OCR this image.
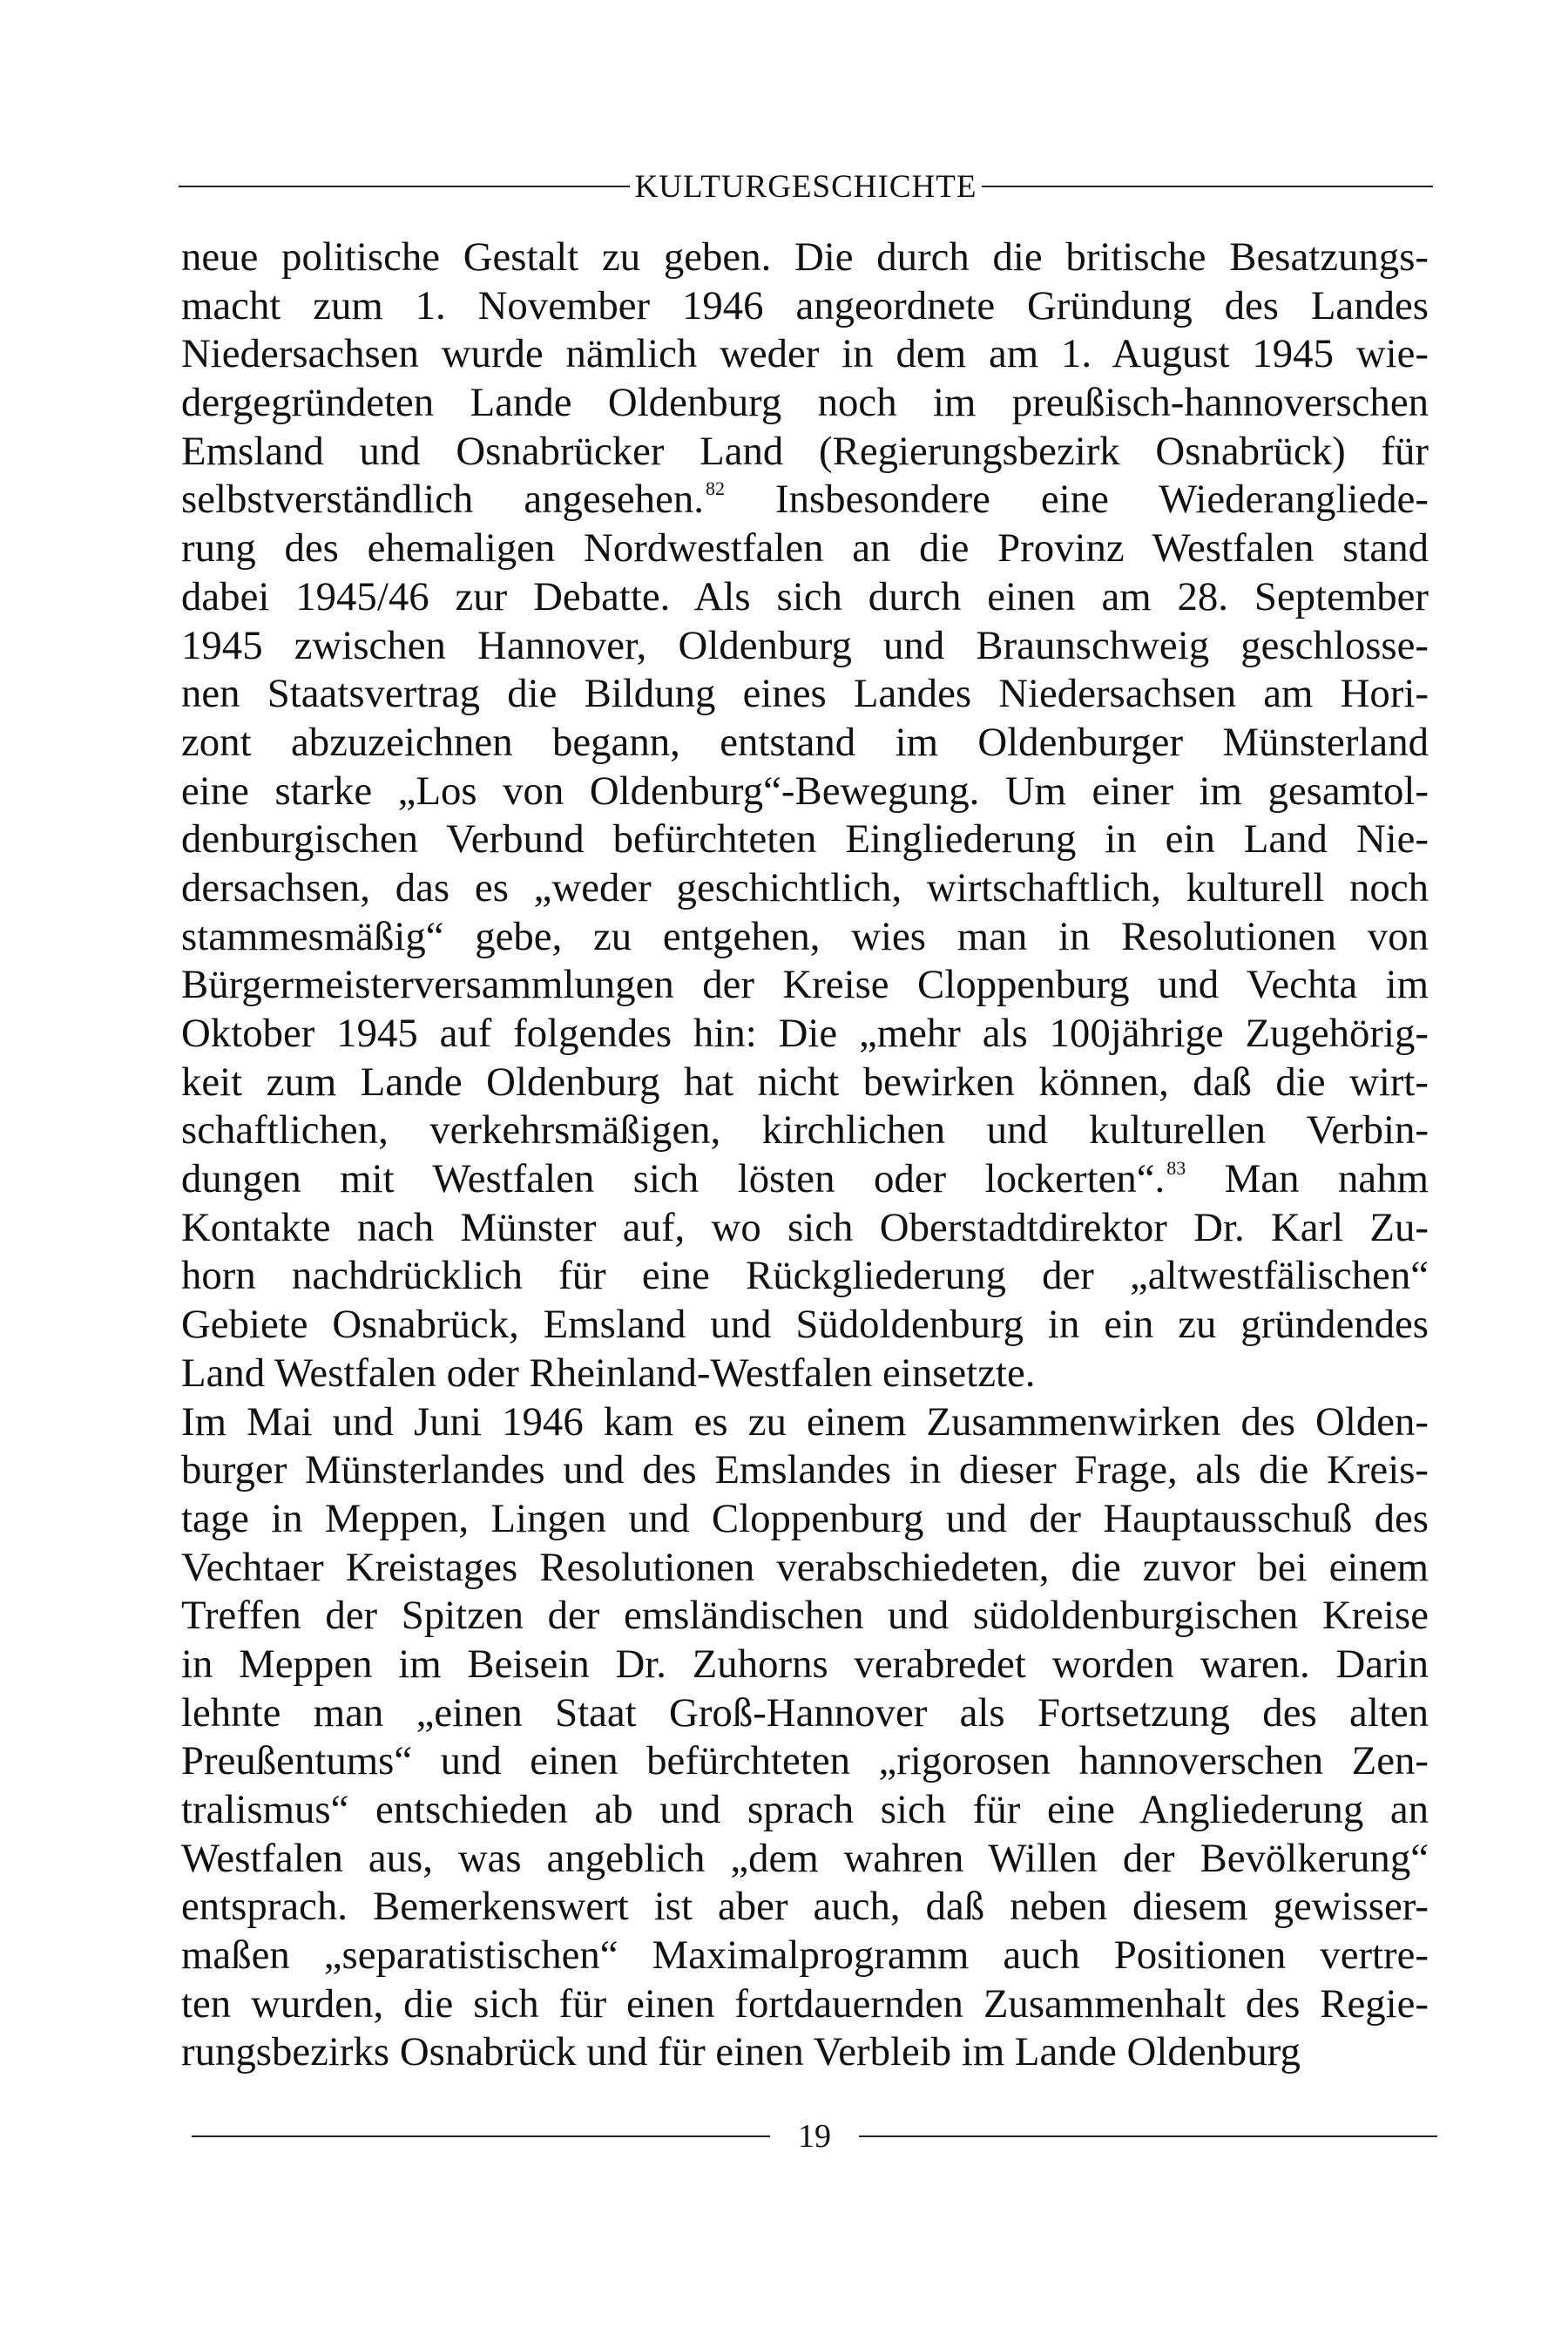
KULTURGESCHICHTE
neue politische Gestalt zu geben. Die durch die britische Besatzungs-
macht zum 1. November 1946 angeordnete Gründung des Landes
Niedersachsen wurde nämlich weder in dem am 1. August 1945 wie-
dergegründeten Lande Oldenburg noch im preußisch-hannoverschen
Emsland und Osnabrücker Land (Regierungsbezirk Osnabrück) für
selbstverständlich angesehen.$^{82}$ Insbesondere eine Wiederangliede-
rung des ehemaligen Nordwestfalen an die Provinz Westfalen stand
dabei 1945/46 zur Debatte. Als sich durch einen am 28. September
1945 zwischen Hannover, Oldenburg und Braunschweig geschlosse-
nen Staatsvertrag die Bildung eines Landes Niedersachsen am Hori-
zont abzuzeichnen begann, entstand im Oldenburger Münsterland
eine starke „Los von Oldenburg“-Bewegung. Um einer im gesamtol-
denburgischen Verbund befürchteten Eingliederung in ein Land Nie-
dersachsen, das es „weder geschichtlich, wirtschaftlich, kulturell noch
stammesmäßig“ gebe, zu entgehen, wies man in Resolutionen von
Bürgermeisterversammlungen der Kreise Cloppenburg und Vechta im
Oktober 1945 auf folgendes hin: Die „mehr als 100jährige Zugehörig-
keit zum Lande Oldenburg hat nicht bewirken können, daß die wirt-
schaftlichen, verkehrsmäßigen, kirchlichen und kulturellen Verbin-
dungen mit Westfalen sich lösten oder lockerten“.$^{83}$ Man nahm
Kontakte nach Münster auf, wo sich Oberstadtdirektor Dr. Karl Zu-
horn nachdrücklich für eine Rückgliederung der „altwestfälischen“
Gebiete Osnabrück, Emsland und Südoldenburg in ein zu gründendes
Land Westfalen oder Rheinland-Westfalen einsetzte.
Im Mai und Juni 1946 kam es zu einem Zusammenwirken des Olden-
burger Münsterlandes und des Emslandes in dieser Frage, als die Kreis-
tage in Meppen, Lingen und Cloppenburg und der Hauptausschuß des
Vechtaer Kreistages Resolutionen verabschiedeten, die zuvor bei einem
Treffen der Spitzen der emsländischen und südoldenburgischen Kreise
in Meppen im Beisein Dr. Zuhorns verabredet worden waren. Darin
lehnte man „einen Staat Groß-Hannover als Fortsetzung des alten
Preußentums“ und einen befürchteten „rigorosen hannoverschen Zen-
tralismus“ entschieden ab und sprach sich für eine Angliederung an
Westfalen aus, was angeblich „dem wahren Willen der Bevölkerung“
entsprach. Bemerkenswert ist aber auch, daß neben diesem gewisser-
maßen „separatistischen“ Maximalprogramm auch Positionen vertre-
ten wurden, die sich für einen fortdauernden Zusammenhalt des Regie-
rungsbezirks Osnabrück und für einen Verbleib im Lande Oldenburg
19
